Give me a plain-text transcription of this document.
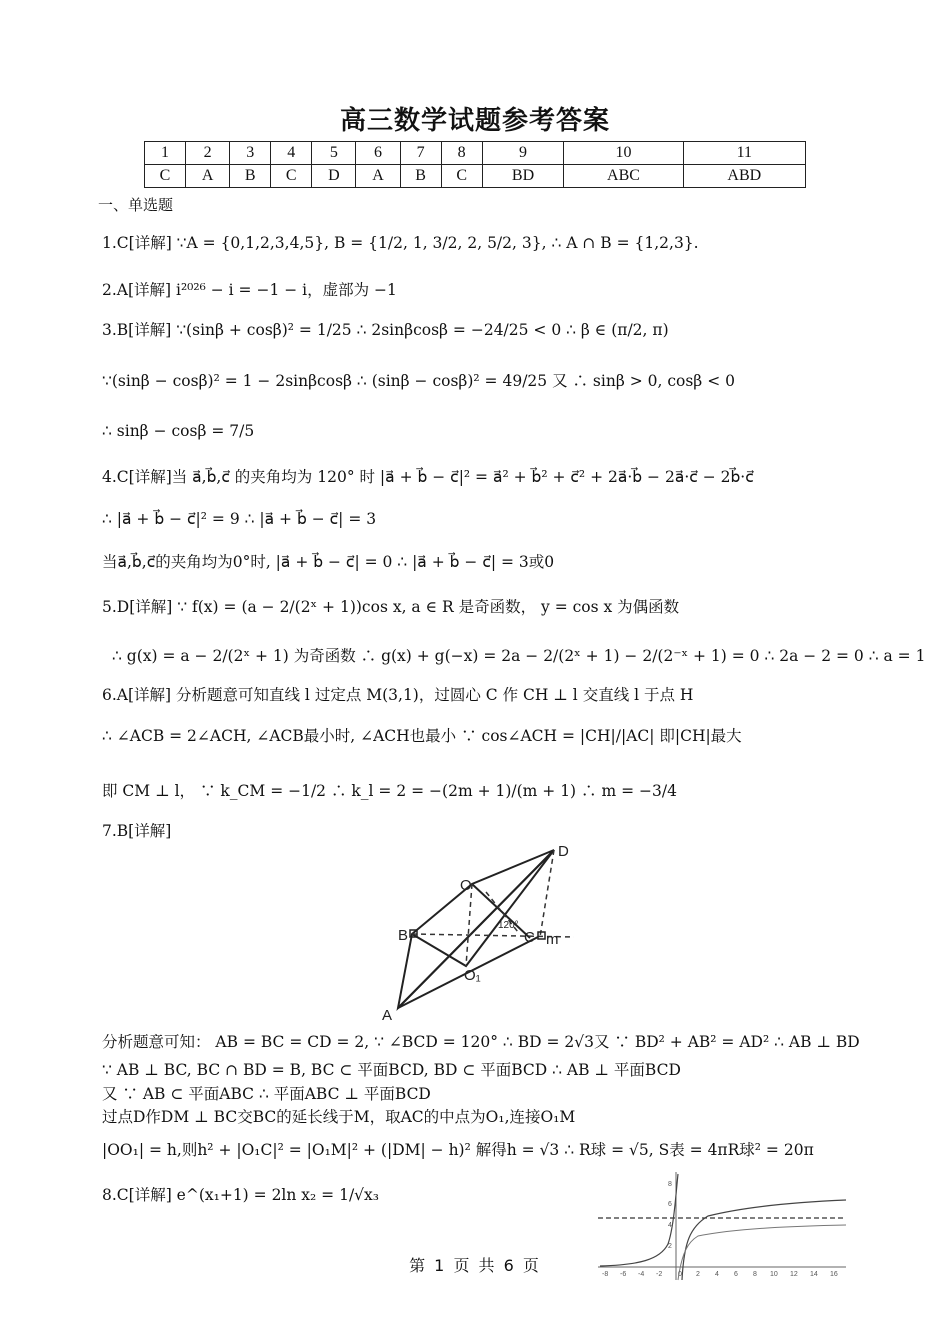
高三数学试题参考答案
1	2	3	4	5	6	7	8	9	10	11
C	A	B	C	D	A	B	C	BD	ABC	ABD
一、单选题
1.C[详解] ∵A = {0,1,2,3,4,5}, B = {1/2, 1, 3/2, 2, 5/2, 3}, ∴ A ∩ B = {1,2,3}.
2.A[详解] i²⁰²⁶ − i = −1 − i，虚部为 −1
3.B[详解] ∵(sinβ + cosβ)² = 1/25 ∴ 2sinβcosβ = −24/25 < 0 ∴ β ∈ (π/2, π)
∵(sinβ − cosβ)² = 1 − 2sinβcosβ ∴ (sinβ − cosβ)² = 49/25 又 ∴ sinβ > 0, cosβ < 0
∴ sinβ − cosβ = 7/5
4.C[详解]当 a⃗,b⃗,c⃗ 的夹角均为 120° 时 |a⃗ + b⃗ − c⃗|² = a⃗² + b⃗² + c⃗² + 2a⃗·b⃗ − 2a⃗·c⃗ − 2b⃗·c⃗
∴ |a⃗ + b⃗ − c⃗|² = 9 ∴ |a⃗ + b⃗ − c⃗| = 3
当a⃗,b⃗,c⃗的夹角均为0°时, |a⃗ + b⃗ − c⃗| = 0 ∴ |a⃗ + b⃗ − c⃗| = 3或0
5.D[详解] ∵ f(x) = (a − 2/(2ˣ + 1))cos x, a ∈ R 是奇函数， y = cos x 为偶函数
∴ g(x) = a − 2/(2ˣ + 1) 为奇函数 ∴ g(x) + g(−x) = 2a − 2/(2ˣ + 1) − 2/(2⁻ˣ + 1) = 0 ∴ 2a − 2 = 0 ∴ a = 1
6.A[详解] 分析题意可知直线 l 过定点 M(3,1)，过圆心 C 作 CH ⊥ l 交直线 l 于点 H
∴ ∠ACB = 2∠ACH, ∠ACB最小时, ∠ACH也最小 ∵ cos∠ACH = |CH|/|AC| 即|CH|最大
即 CM ⊥ l， ∵ k_CM = −1/2 ∴ k_l = 2 = −(2m + 1)/(m + 1) ∴ m = −3/4
7.B[详解]
D
O
B	C m
O₁
A
120°
分析题意可知： AB = BC = CD = 2, ∵ ∠BCD = 120° ∴ BD = 2√3又 ∵ BD² + AB² = AD² ∴ AB ⊥ BD
∵ AB ⊥ BC, BC ∩ BD = B, BC ⊂ 平面BCD, BD ⊂ 平面BCD ∴ AB ⊥ 平面BCD
又 ∵ AB ⊂ 平面ABC ∴ 平面ABC ⊥ 平面BCD
过点D作DM ⊥ BC交BC的延长线于M，取AC的中点为O₁,连接O₁M
|OO₁| = h,则h² + |O₁C|² = |O₁M|² + (|DM| − h)² 解得h = √3 ∴ R球 = √5, S表 = 4πR球² = 20π
8.C[详解] e^(x₁+1) = 2ln x₂ = 1/√x₃
-8 -6 -4 -2 0 2 4 6 8 10 12 14 16
8
6
4
2
第 1 页 共 6 页
